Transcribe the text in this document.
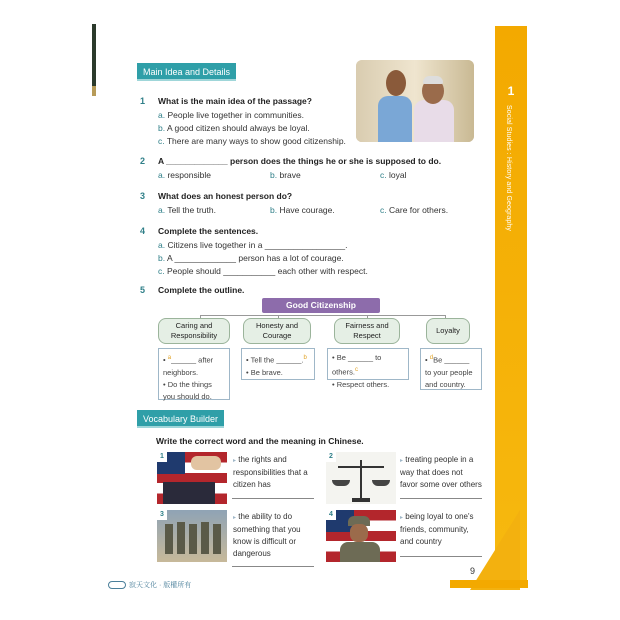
1
Social Studies : History and Geography
9
Main Idea and Details
1 What is the main idea of the passage?
a. People live together in communities.
b. A good citizen should always be loyal.
c. There are many ways to show good citizenship.
2 A _____________ person does the things he or she is supposed to do.
a. responsible	b. brave	c. loyal
3 What does an honest person do?
a. Tell the truth.	b. Have courage.	c. Care for others.
4 Complete the sentences.
a. Citizens live together in a _________________.
b. A _____________ person has a lot of courage.
c. People should ___________ each other with respect.
5 Complete the outline.
Good Citizenship
Caring and
Responsibility
Honesty and
Courage
Fairness and
Respect
Loyalty
• $^a$______ after neighbors.
• Do the things you should do.
• Tell the ______.$^b$
• Be brave.
• Be ______ to others.$^c$
• Respect others.
• $^d$Be ______ to your people and country.
Vocabulary Builder
Write the correct word and the meaning in Chinese.
1
▸ the rights and
responsibilities that a
citizen has
2
▸ treating people in a
way that does not
favor some over others
3	▸ the ability to do
something that you
know is difficult or
dangerous
4	▸ being loyal to one's
friends, community,
and country
寂天文化 · 版權所有
